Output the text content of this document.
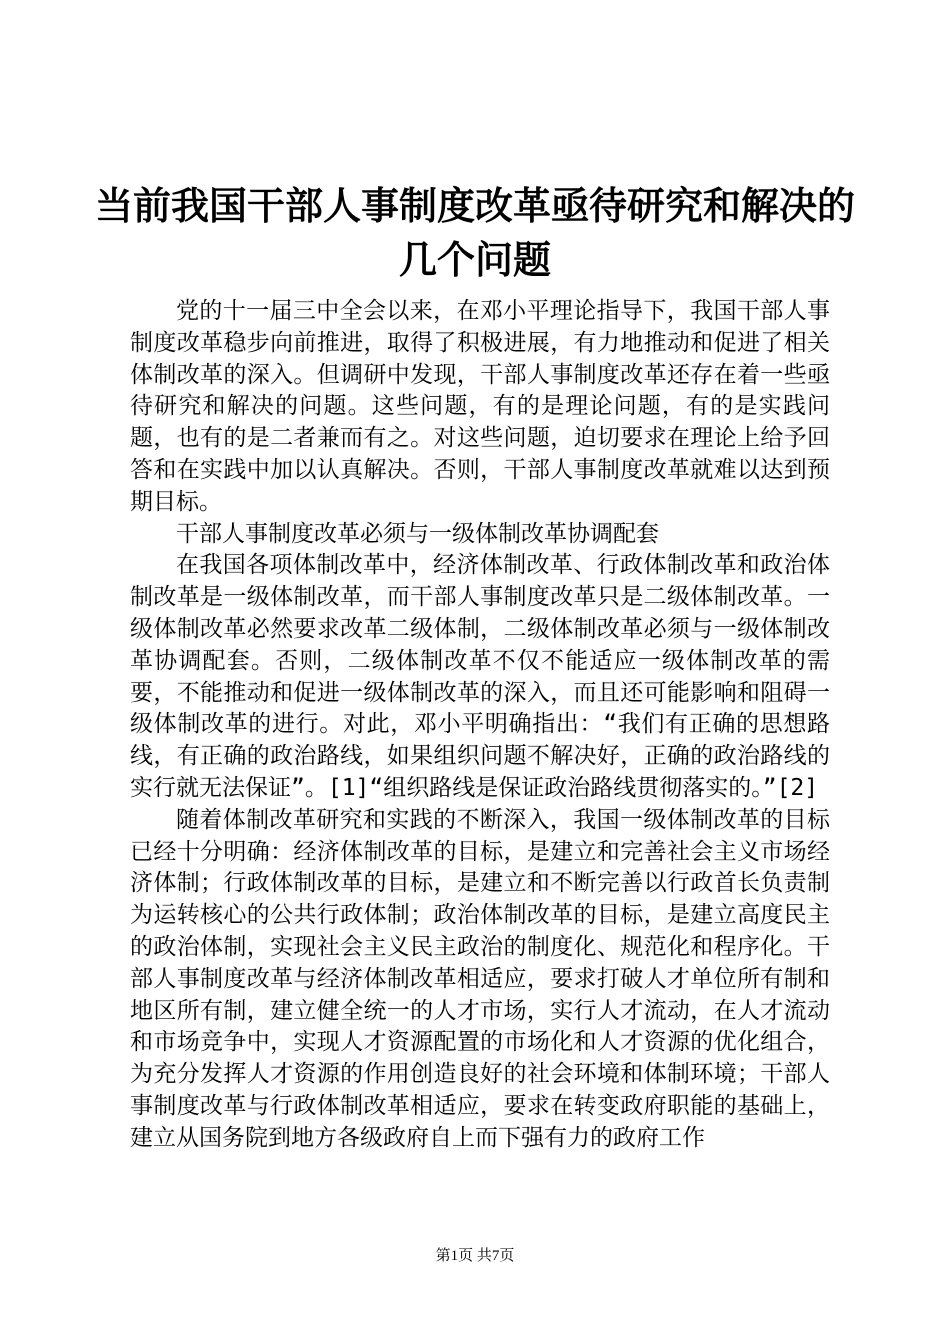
当前我国干部人事制度改革亟待研究和解决的
几个问题

党的十一届三中全会以来，在邓小平理论指导下，我国干部人事制度改革稳步向前推进，取得了积极进展，有力地推动和促进了相关体制改革的深入。但调研中发现，干部人事制度改革还存在着一些亟待研究和解决的问题。这些问题，有的是理论问题，有的是实践问题，也有的是二者兼而有之。对这些问题，迫切要求在理论上给予回答和在实践中加以认真解决。否则，干部人事制度改革就难以达到预期目标。

干部人事制度改革必须与一级体制改革协调配套

在我国各项体制改革中，经济体制改革、行政体制改革和政治体制改革是一级体制改革，而干部人事制度改革只是二级体制改革。一级体制改革必然要求改革二级体制，二级体制改革必须与一级体制改革协调配套。否则，二级体制改革不仅不能适应一级体制改革的需要，不能推动和促进一级体制改革的深入，而且还可能影响和阻碍一级体制改革的进行。对此，邓小平明确指出：“我们有正确的思想路线，有正确的政治路线，如果组织问题不解决好，正确的政治路线的实行就无法保证”。[1]“组织路线是保证政治路线贯彻落实的。”[2]

随着体制改革研究和实践的不断深入，我国一级体制改革的目标已经十分明确：经济体制改革的目标，是建立和完善社会主义市场经济体制；行政体制改革的目标，是建立和不断完善以行政首长负责制为运转核心的公共行政体制；政治体制改革的目标，是建立高度民主的政治体制，实现社会主义民主政治的制度化、规范化和程序化。干部人事制度改革与经济体制改革相适应，要求打破人才单位所有制和地区所有制，建立健全统一的人才市场，实行人才流动，在人才流动和市场竞争中，实现人才资源配置的市场化和人才资源的优化组合，为充分发挥人才资源的作用创造良好的社会环境和体制环境；干部人事制度改革与行政体制改革相适应，要求在转变政府职能的基础上，建立从国务院到地方各级政府自上而下强有力的政府工作

第1页 共7页
